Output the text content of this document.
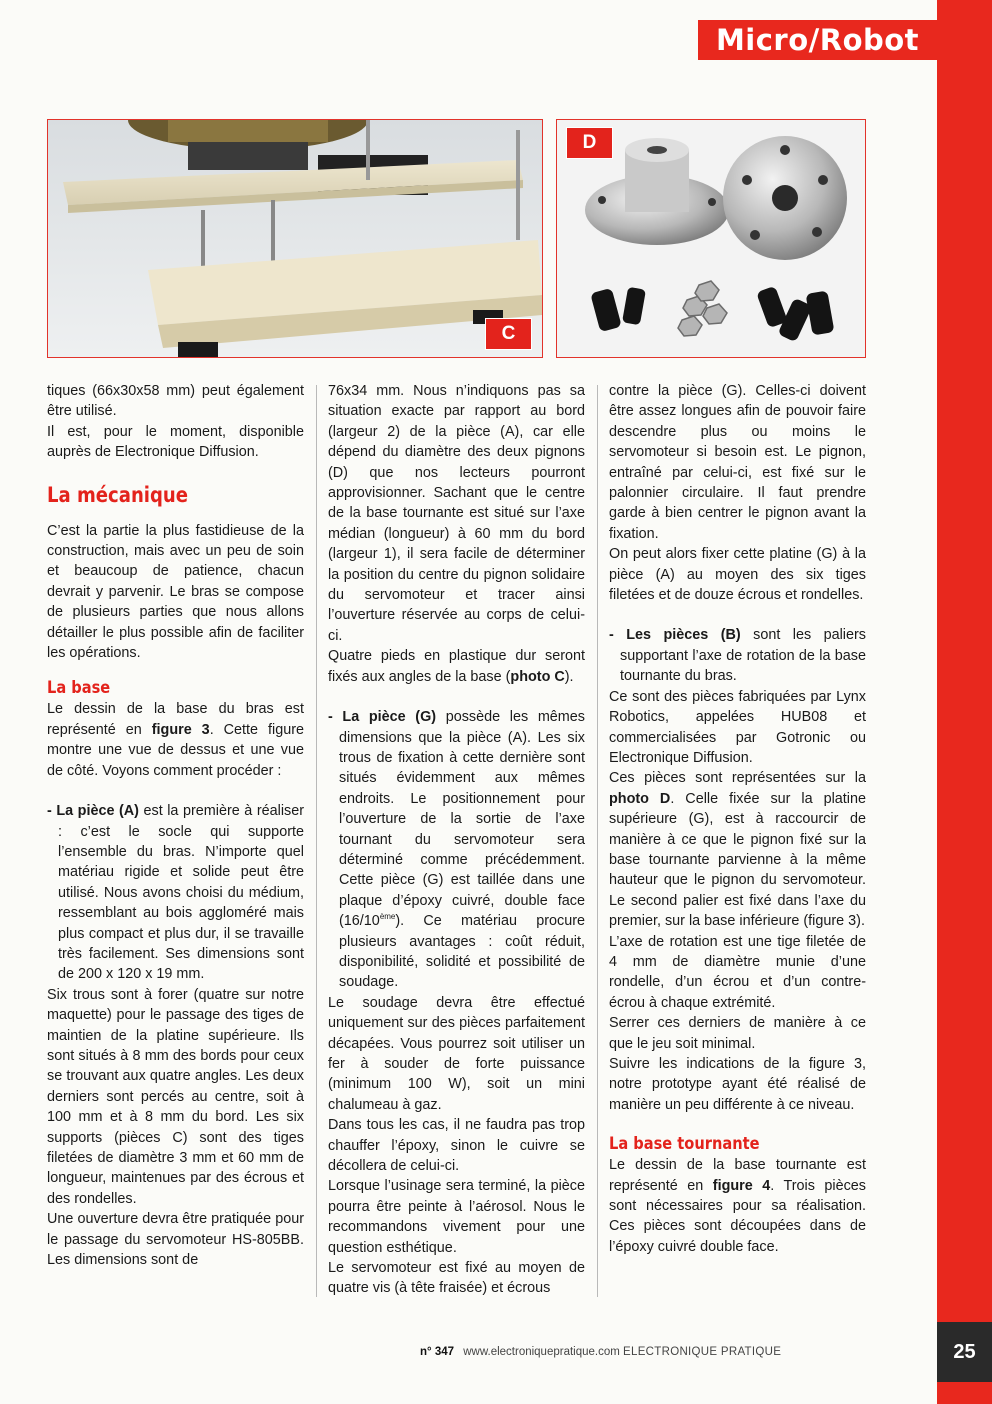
Micro/Robot
C
D

tiques (66x30x58 mm) peut également être utilisé.

Il est, pour le moment, disponible auprès de Electronique Diffusion.

La mécanique

C’est la partie la plus fastidieuse de la construction, mais avec un peu de soin et beaucoup de patience, chacun devrait y parvenir. Le bras se compose de plusieurs parties que nous allons détailler le plus possible afin de faciliter les opérations.

La base

Le dessin de la base du bras est représenté en figure 3. Cette figure montre une vue de dessus et une vue de côté. Voyons comment procéder :

- La pièce (A) est la première à réaliser : c’est le socle qui supporte l’ensemble du bras. N’importe quel matériau rigide et solide peut être utilisé. Nous avons choisi du médium, ressemblant au bois aggloméré mais plus compact et plus dur, il se travaille très facilement. Ses dimensions sont de 200 x 120 x 19 mm.

Six trous sont à forer (quatre sur notre maquette) pour le passage des tiges de maintien de la platine supérieure. Ils sont situés à 8 mm des bords pour ceux se trouvant aux quatre angles. Les deux derniers sont percés au centre, soit à 100 mm et à 8 mm du bord. Les six supports (pièces C) sont des tiges filetées de diamètre 3 mm et 60 mm de longueur, maintenues par des écrous et des rondelles.

Une ouverture devra être pratiquée pour le passage du servomoteur HS-805BB. Les dimensions sont de

76x34 mm. Nous n’indiquons pas sa situation exacte par rapport au bord (largeur 2) de la pièce (A), car elle dépend du diamètre des deux pignons (D) que nos lecteurs pourront approvisionner. Sachant que le centre de la base tournante est situé sur l’axe médian (longueur) à 60 mm du bord (largeur 1), il sera facile de déterminer la position du centre du pignon solidaire du servomoteur et tracer ainsi l’ouverture réservée au corps de celui-ci.

Quatre pieds en plastique dur seront fixés aux angles de la base (photo C).

- La pièce (G) possède les mêmes dimensions que la pièce (A). Les six trous de fixation à cette dernière sont situés évidemment aux mêmes endroits. Le positionnement pour l’ouverture de la sortie de l’axe tournant du servomoteur sera déterminé comme précédemment. Cette pièce (G) est taillée dans une plaque d’époxy cuivré, double face (16/10ème). Ce matériau procure plusieurs avantages : coût réduit, disponibilité, solidité et possibilité de soudage.

Le soudage devra être effectué uniquement sur des pièces parfaitement décapées. Vous pourrez soit utiliser un fer à souder de forte puissance (minimum 100 W), soit un mini chalumeau à gaz.

Dans tous les cas, il ne faudra pas trop chauffer l’époxy, sinon le cuivre se décollera de celui-ci.

Lorsque l’usinage sera terminé, la pièce pourra être peinte à l’aérosol. Nous le recommandons vivement pour une question esthétique.

Le servomoteur est fixé au moyen de quatre vis (à tête fraisée) et écrous

contre la pièce (G). Celles-ci doivent être assez longues afin de pouvoir faire descendre plus ou moins le servomoteur si besoin est. Le pignon, entraîné par celui-ci, est fixé sur le palonnier circulaire. Il faut prendre garde à bien centrer le pignon avant la fixation.

On peut alors fixer cette platine (G) à la pièce (A) au moyen des six tiges filetées et de douze écrous et rondelles.

- Les pièces (B) sont les paliers supportant l’axe de rotation de la base tournante du bras.

Ce sont des pièces fabriquées par Lynx Robotics, appelées HUB08 et commercialisées par Gotronic ou Electronique Diffusion.

Ces pièces sont représentées sur la photo D. Celle fixée sur la platine supérieure (G), est à raccourcir de manière à ce que le pignon fixé sur la base tournante parvienne à la même hauteur que le pignon du servomoteur. Le second palier est fixé dans l’axe du premier, sur la base inférieure (figure 3).

L’axe de rotation est une tige filetée de 4 mm de diamètre munie d’une rondelle, d’un écrou et d’un contre-écrou à chaque extrémité.

Serrer ces derniers de manière à ce que le jeu soit minimal.

Suivre les indications de la figure 3, notre prototype ayant été réalisé de manière un peu différente à ce niveau.

La base tournante

Le dessin de la base tournante est représenté en figure 4. Trois pièces sont nécessaires pour sa réalisation. Ces pièces sont découpées dans de l’époxy cuivré double face.

n° 347 www.electroniquepratique.com ELECTRONIQUE PRATIQUE	25
